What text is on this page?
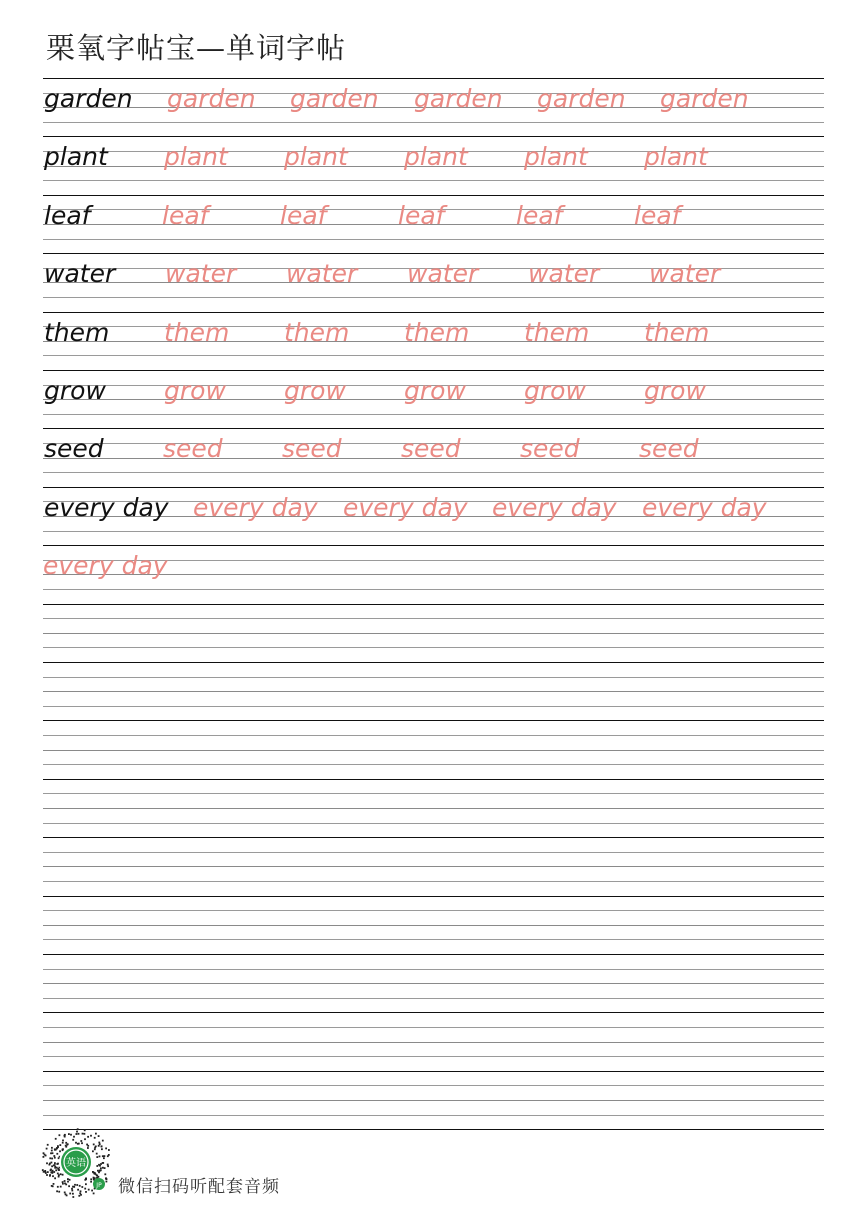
栗氧字帖宝—单词字帖
garden garden garden garden garden garden
plant plant plant plant plant plant
leaf	leaf	leaf	leaf	leaf	leaf
water water water water water water
them them them them them them
grow grow grow grow grow grow
seed seed seed seed seed seed
every day every day every day every day every day
every day
英语
JP 微信扫码听配套音频
